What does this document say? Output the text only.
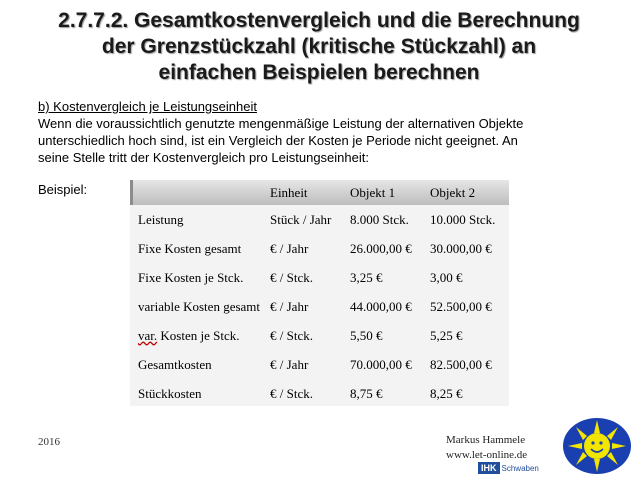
2.7.7.2. Gesamtkostenvergleich und die Berechnung
der Grenzstückzahl (kritische Stückzahl) an
einfachen Beispielen berechnen
b) Kostenvergleich je Leistungseinheit
Wenn die voraussichtlich genutzte mengenmäßige Leistung der alternativen Objekte
unterschiedlich hoch sind, ist ein Vergleich der Kosten je Periode nicht geeignet. An
seine Stelle tritt der Kostenvergleich pro Leistungseinheit:
Beispiel:
		Einheit	Objekt 1	Objekt 2
Leistung	Stück / Jahr	8.000 Stck.	10.000 Stck.
Fixe Kosten gesamt	€ / Jahr	26.000,00 €	30.000,00 €
Fixe Kosten je Stck.	€ / Stck.	3,25 €	3,00 €
variable Kosten gesamt	€ / Jahr	44.000,00 €	52.500,00 €
var. Kosten je Stck.	€ / Stck.	5,50 €	5,25 €
Gesamtkosten	€ / Jahr	70.000,00 €	82.500,00 €
Stückkosten	€ / Stck.	8,75 €	8,25 €
2016	Markus Hammele
www.let-online.de
IHK Schwaben
